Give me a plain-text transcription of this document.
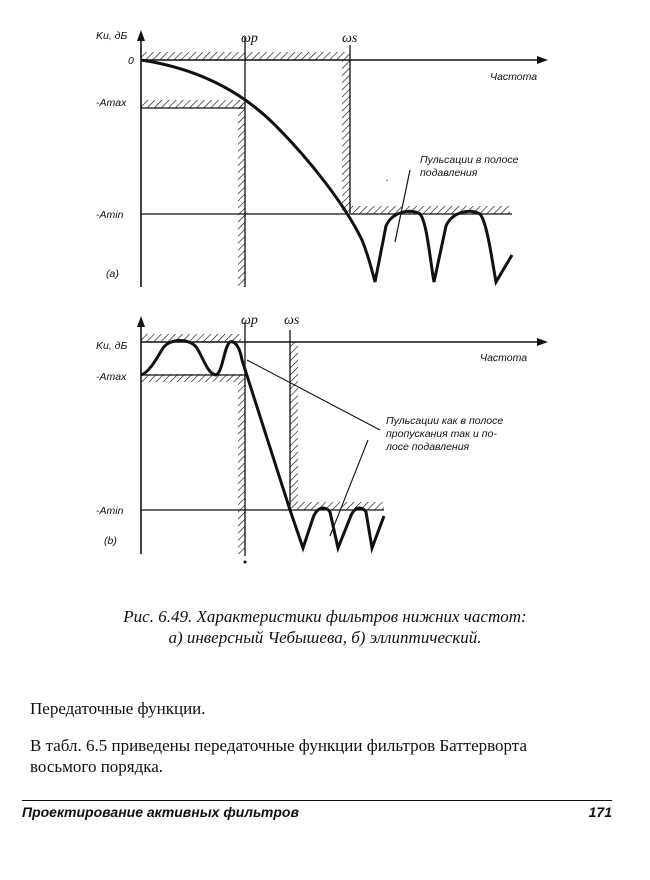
.
Ku, дБ
0
-Amax
-Amin
ωp	ωs
Частота
(a)
Пульсации в полосе
подавления
Ku, дБ
-Amax
-Amin
ωp ωs
Частота
(b)
Пульсации как в полосе
пропускания так и по-
лосе подавления
Рис. 6.49. Характеристики фильтров нижних частот:
а) инверсный Чебышева, б) эллиптический.
Передаточные функции.
В табл. 6.5 приведены передаточные функции фильтров Баттерворта
восьмого порядка.
Проектирование активных фильтров	171
